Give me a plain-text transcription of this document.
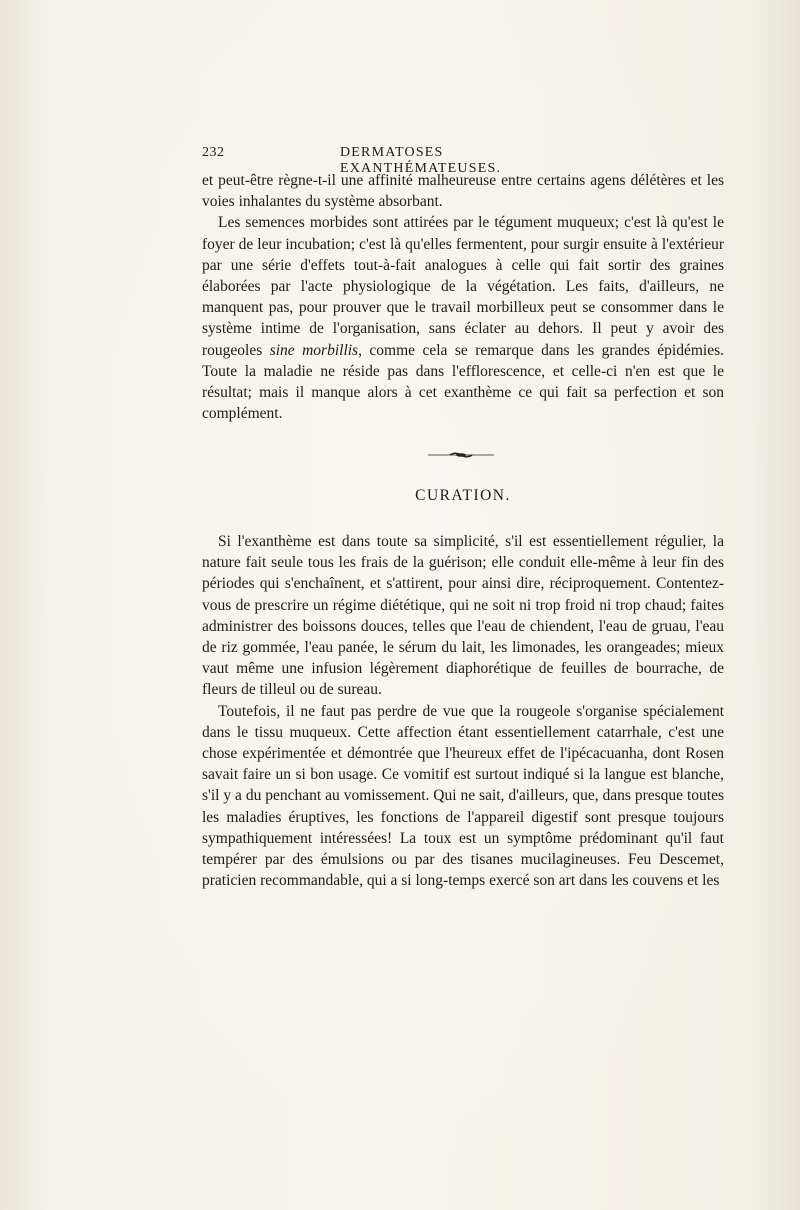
232	DERMATOSES EXANTHÉMATEUSES.

et peut-être règne-t-il une affinité malheureuse entre certains agens délétères et les voies inhalantes du système absorbant.

Les semences morbides sont attirées par le tégument muqueux; c'est là qu'est le foyer de leur incubation; c'est là qu'elles fermentent, pour surgir ensuite à l'extérieur par une série d'effets tout-à-fait analogues à celle qui fait sortir des graines élaborées par l'acte physiologique de la végétation. Les faits, d'ailleurs, ne manquent pas, pour prouver que le travail morbilleux peut se consommer dans le système intime de l'organisation, sans éclater au dehors. Il peut y avoir des rougeoles sine morbillis, comme cela se remarque dans les grandes épidémies. Toute la maladie ne réside pas dans l'efflorescence, et celle-ci n'en est que le résultat; mais il manque alors à cet exanthème ce qui fait sa perfection et son complément.

CURATION.

Si l'exanthème est dans toute sa simplicité, s'il est essentiellement régulier, la nature fait seule tous les frais de la guérison; elle conduit elle-même à leur fin des périodes qui s'enchaînent, et s'attirent, pour ainsi dire, réciproquement. Contentez-vous de prescrire un régime diététique, qui ne soit ni trop froid ni trop chaud; faites administrer des boissons douces, telles que l'eau de chiendent, l'eau de gruau, l'eau de riz gommée, l'eau panée, le sérum du lait, les limonades, les orangeades; mieux vaut même une infusion légèrement diaphorétique de feuilles de bourrache, de fleurs de tilleul ou de sureau.

Toutefois, il ne faut pas perdre de vue que la rougeole s'organise spécialement dans le tissu muqueux. Cette affection étant essentiellement catarrhale, c'est une chose expérimentée et démontrée que l'heureux effet de l'ipécacuanha, dont Rosen savait faire un si bon usage. Ce vomitif est surtout indiqué si la langue est blanche, s'il y a du penchant au vomissement. Qui ne sait, d'ailleurs, que, dans presque toutes les maladies éruptives, les fonctions de l'appareil digestif sont presque toujours sympathiquement intéressées! La toux est un symptôme prédominant qu'il faut tempérer par des émulsions ou par des tisanes mucilagineuses. Feu Descemet, praticien recommandable, qui a si long-temps exercé son art dans les couvens et les
